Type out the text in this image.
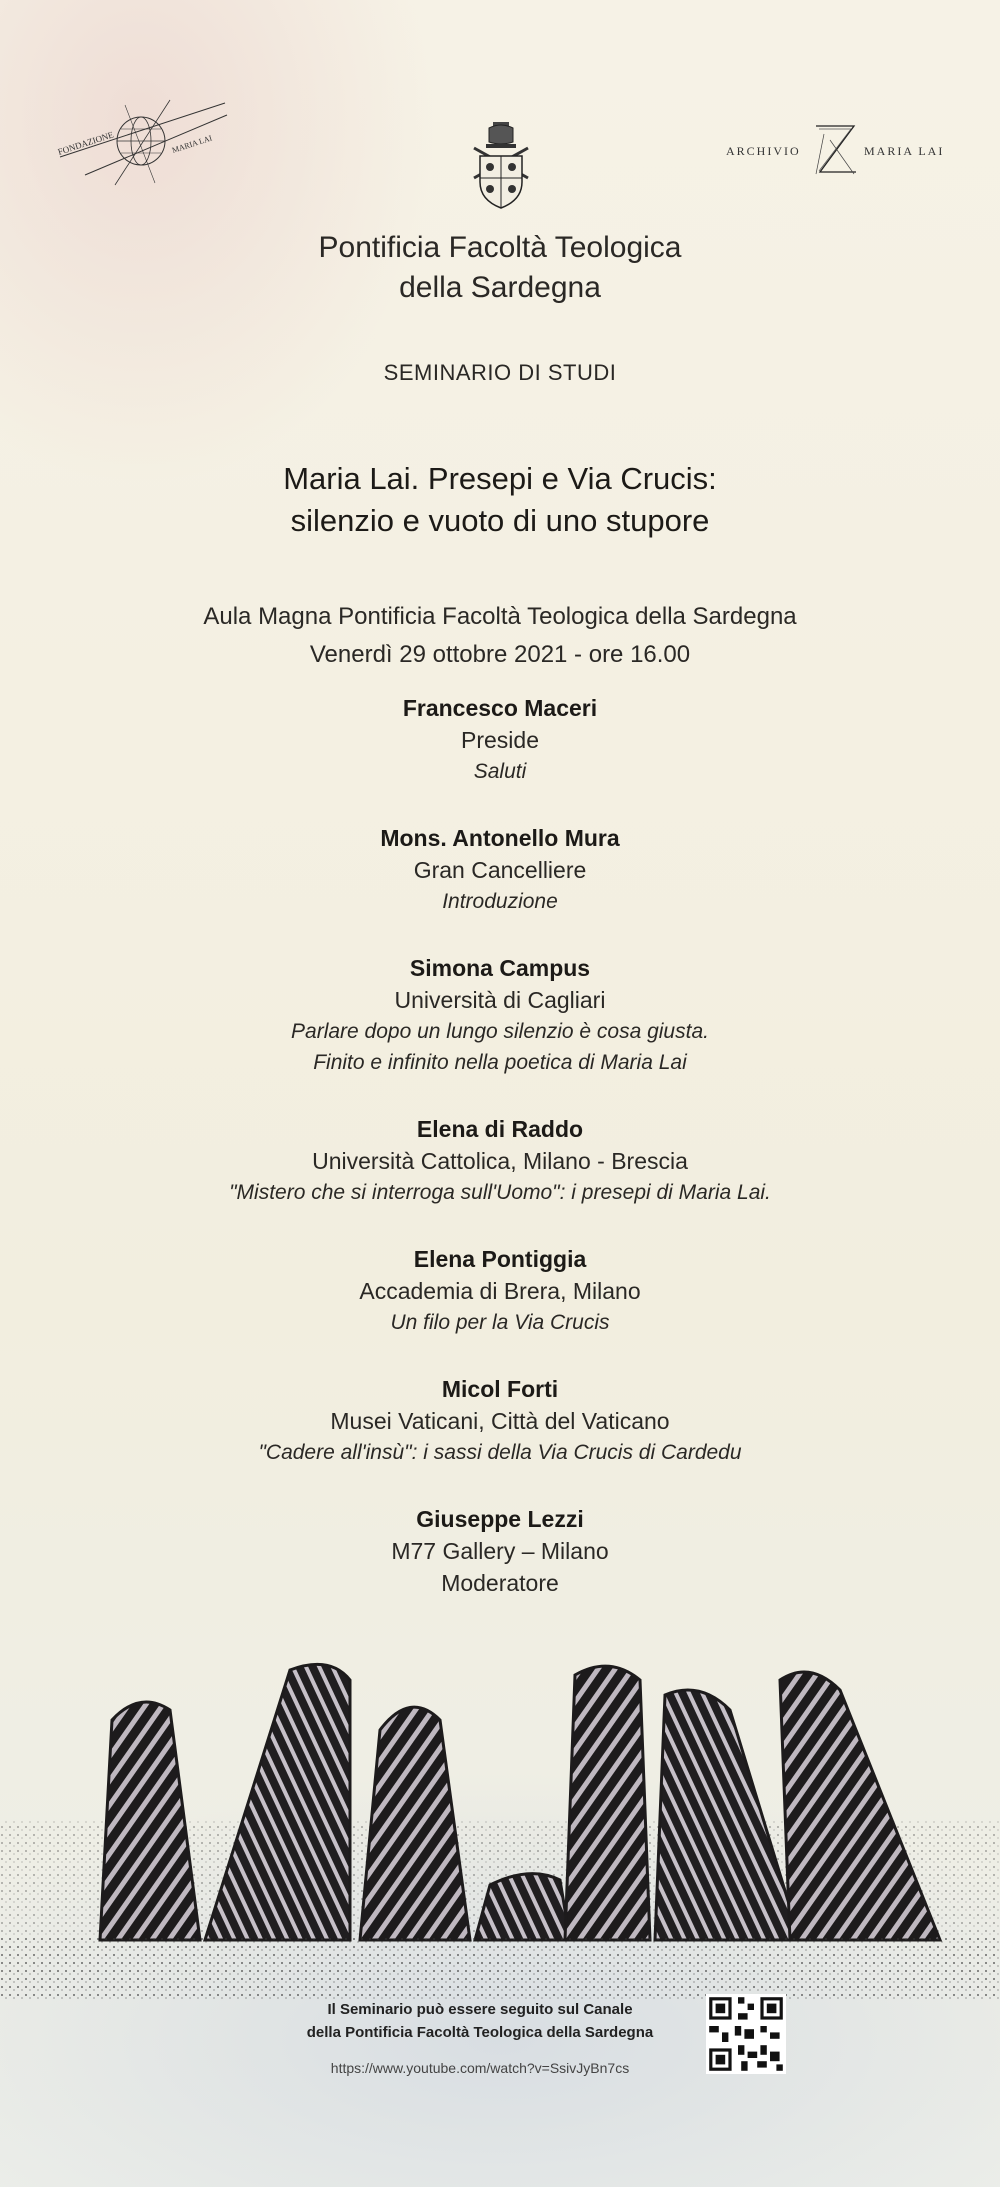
FONDAZIONE	MARIA LAI	ARCHIVIO	MARIA LAI
Pontificia Facoltà Teologica
della Sardegna
SEMINARIO DI STUDI
Maria Lai. Presepi e Via Crucis:
silenzio e vuoto di uno stupore
Aula Magna Pontificia Facoltà Teologica della Sardegna
Venerdì 29 ottobre 2021 - ore 16.00
Francesco Maceri
Preside
Saluti
Mons. Antonello Mura
Gran Cancelliere
Introduzione
Simona Campus
Università di Cagliari
Parlare dopo un lungo silenzio è cosa giusta.
Finito e infinito nella poetica di Maria Lai
Elena di Raddo
Università Cattolica, Milano - Brescia
"Mistero che si interroga sull'Uomo": i presepi di Maria Lai.
Elena Pontiggia
Accademia di Brera, Milano
Un filo per la Via Crucis
Micol Forti
Musei Vaticani, Città del Vaticano
"Cadere all'insù": i sassi della Via Crucis di Cardedu
Giuseppe Lezzi
M77 Gallery – Milano
Moderatore
Il Seminario può essere seguito sul Canale
della Pontificia Facoltà Teologica della Sardegna
https://www.youtube.com/watch?v=SsivJyBn7cs
